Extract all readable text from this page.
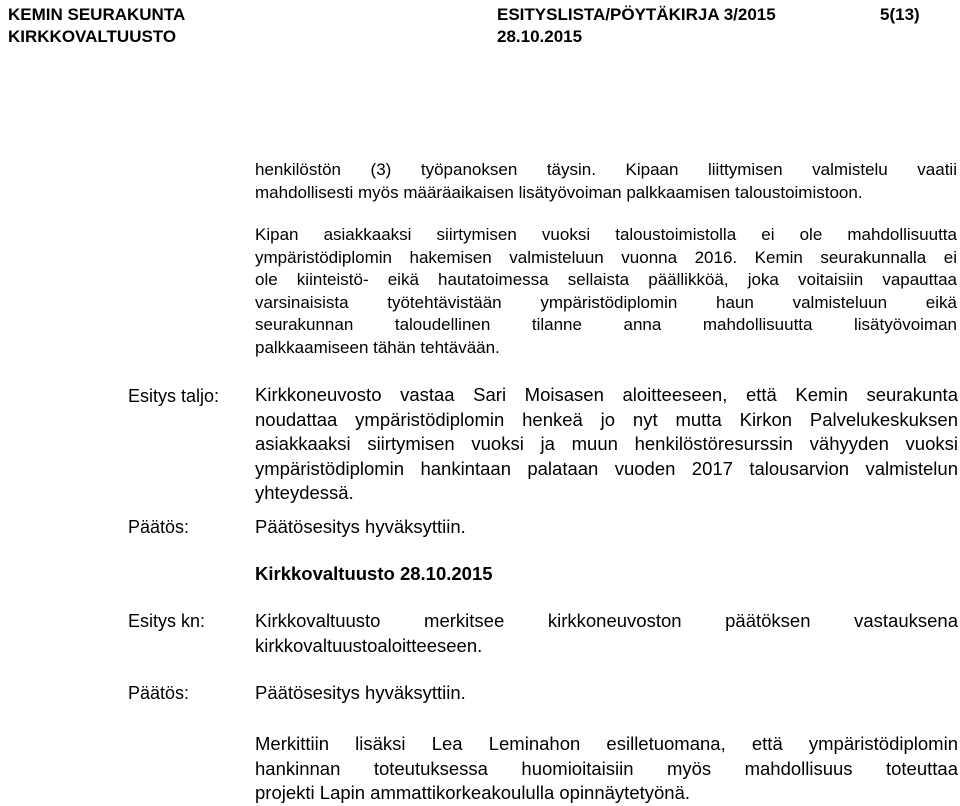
KEMIN SEURAKUNTA
KIRKKOVALTUUSTO
ESITYSLISTA/PÖYTÄKIRJA 3/2015
28.10.2015
5(13)
henkilöstön (3) työpanoksen täysin. Kipaan liittymisen valmistelu vaatii
mahdollisesti myös määräaikaisen lisätyövoiman palkkaamisen taloustoimistoon.
Kipan asiakkaaksi siirtymisen vuoksi taloustoimistolla ei ole mahdollisuutta
ympäristödiplomin hakemisen valmisteluun vuonna 2016. Kemin seurakunnalla ei
ole kiinteistö- eikä hautatoimessa sellaista päällikköä, joka voitaisiin vapauttaa
varsinaisista työtehtävistään ympäristödiplomin haun valmisteluun eikä
seurakunnan taloudellinen tilanne anna mahdollisuutta lisätyövoiman
palkkaamiseen tähän tehtävään.
Esitys taljo: Kirkkoneuvosto vastaa Sari Moisasen aloitteeseen, että Kemin seurakunta
noudattaa ympäristödiplomin henkeä jo nyt mutta Kirkon Palvelukeskuksen
asiakkaaksi siirtymisen vuoksi ja muun henkilöstöresurssin vähyyden vuoksi
ympäristödiplomin hankintaan palataan vuoden 2017 talousarvion valmistelun
yhteydessä.
Päätös:	Päätösesitys hyväksyttiin.
Kirkkovaltuusto 28.10.2015
Esitys kn:	Kirkkovaltuusto merkitsee kirkkoneuvoston päätöksen vastauksena
kirkkovaltuustoaloitteeseen.
Päätös:	Päätösesitys hyväksyttiin.
Merkittiin lisäksi Lea Leminahon esilletuomana, että ympäristödiplomin
hankinnan toteutuksessa huomioitaisiin myös mahdollisuus toteuttaa
projekti Lapin ammattikorkeakoululla opinnäytetyönä.
